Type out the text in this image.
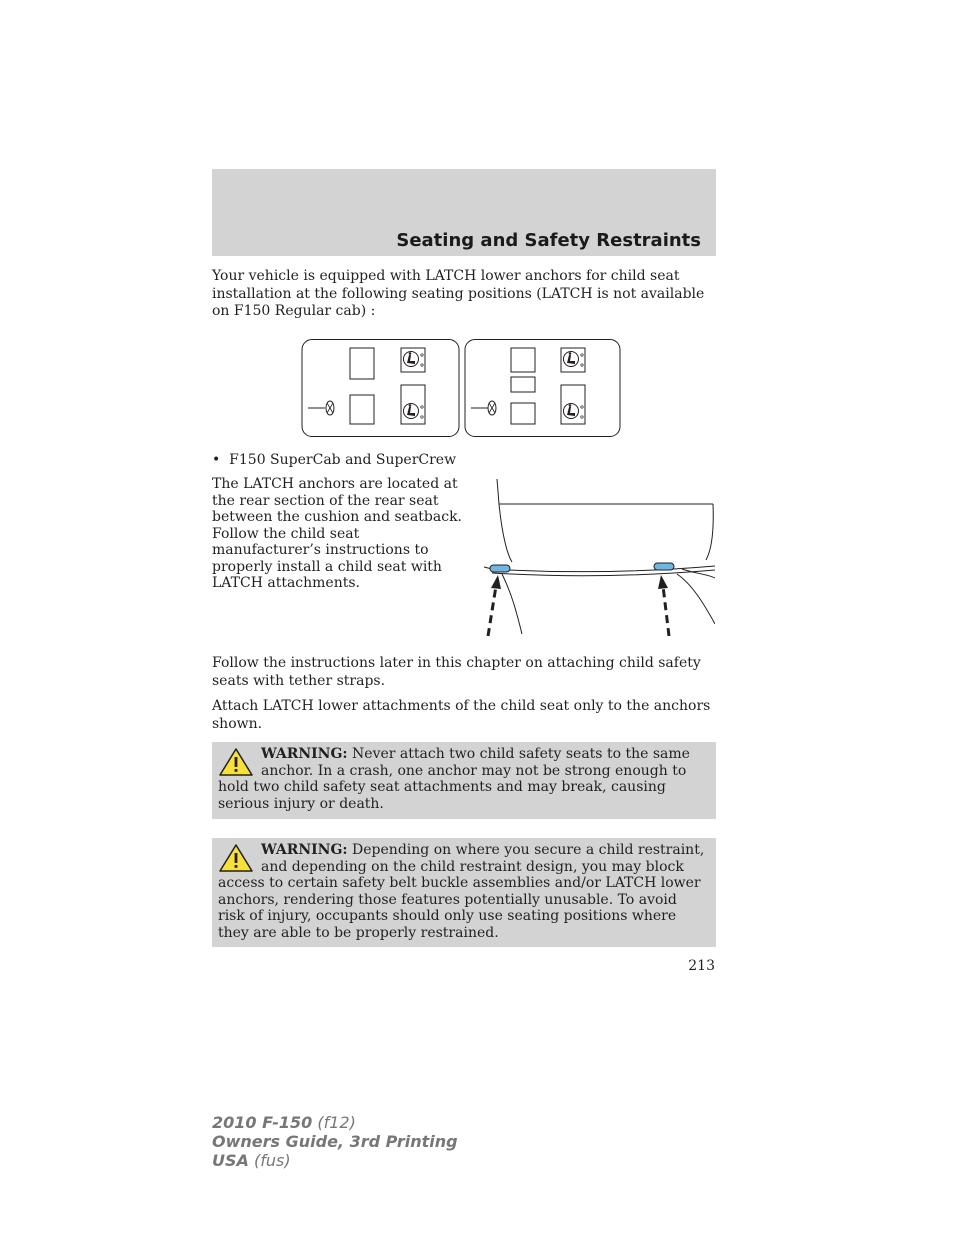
Seating and Safety Restraints

Your vehicle is equipped with LATCH lower anchors for child seat installation at the following seating positions (LATCH is not available on F150 Regular cab) :

•  F150 SuperCab and SuperCrew

The LATCH anchors are located at the rear section of the rear seat between the cushion and seatback. Follow the child seat manufacturer’s instructions to properly install a child seat with LATCH attachments.

Follow the instructions later in this chapter on attaching child safety seats with tether straps.

Attach LATCH lower attachments of the child seat only to the anchors shown.

WARNING: Never attach two child safety seats to the same anchor. In a crash, one anchor may not be strong enough to hold two child safety seat attachments and may break, causing serious injury or death.
WARNING: Depending on where you secure a child restraint, and depending on the child restraint design, you may block access to certain safety belt buckle assemblies and/or LATCH lower anchors, rendering those features potentially unusable. To avoid risk of injury, occupants should only use seating positions where they are able to be properly restrained.
213
2010 F-150 (f12)
Owners Guide, 3rd Printing
USA (fus)
